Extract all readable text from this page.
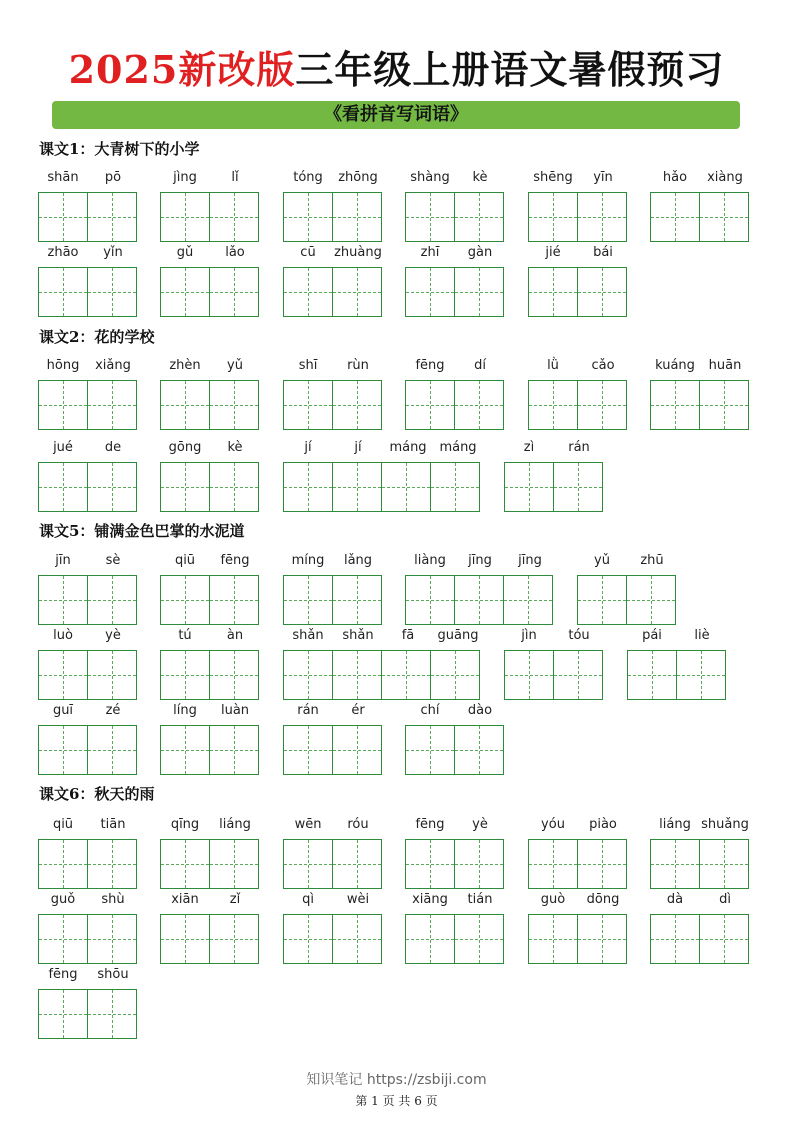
2025新改版三年级上册语文暑假预习
《看拼音写词语》
课文1：大青树下的小学
shān	pō	jìng	lǐ	tóng	zhōng	shàng	kè	shēng	yīn	hǎo	xiàng
zhāo	yǐn	gǔ	lǎo	cū	zhuàng	zhī	gàn	jié	bái
课文2：花的学校
hōng	xiǎng	zhèn	yǔ	shī	rùn	fēng	dí	lǜ	cǎo	kuáng	huān
jué	de	gōng	kè	jí	jí	máng máng	zì	rán
课文5：铺满金色巴掌的水泥道
jīn	sè	qiū	fēng	míng	lǎng	liàng	jīng	jīng	yǔ	zhū
luò	yè	tú	àn	shǎn	shǎn	fā	guāng	jìn	tóu	pái	liè
guī	zé	líng	luàn	rán	ér	chí	dào
课文6：秋天的雨
qiū	tiān	qīng	liáng	wēn	róu	fēng	yè	yóu	piào	liáng shuǎng
guǒ	shù	xiān	zǐ	qì	wèi	xiāng	tián	guò	dōng	dà	dì
fēng	shōu
知识笔记 https://zsbiji.com
第 1 页 共 6 页
